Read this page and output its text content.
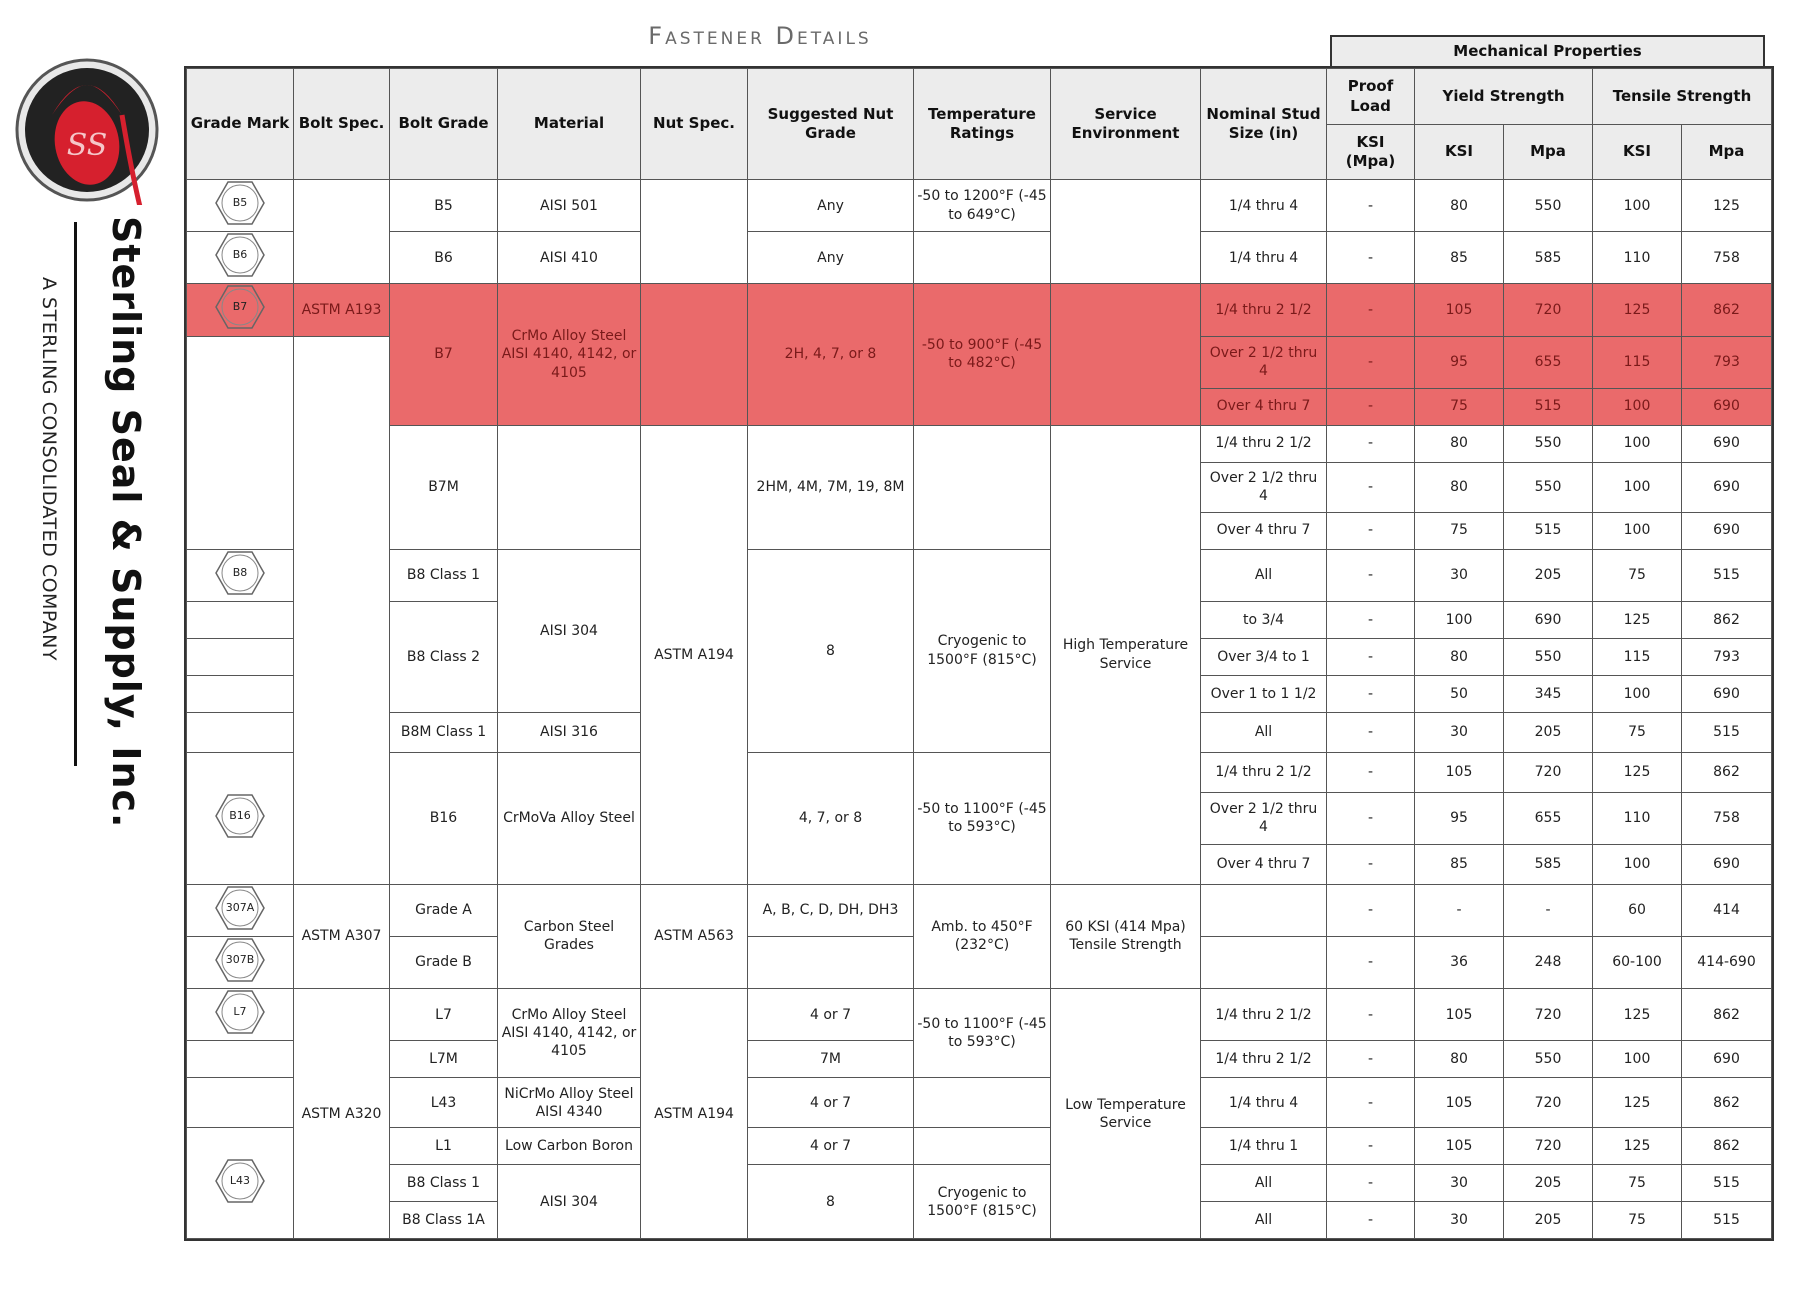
Fastener Details
SS
Sterling Seal & Supply, Inc.
A STERLING CONSOLIDATED COMPANY
Mechanical Properties
Grade Mark	Bolt Spec.	Bolt Grade	Material	Nut Spec.	Suggested Nut Grade	Temperature Ratings	Service Environment	Nominal Stud Size (in)	Proof Load	Yield Strength		Tensile Strength	
									KSI (Mpa)	KSI	Mpa	KSI	Mpa

B5		B5	AISI 501		Any	-50 to 1200°F (-45 to 649°C)		1/4 thru 4	-	80	550	100	125

B6		B6	AISI 410		Any			1/4 thru 4	-	85	585	110	758

B7	ASTM A193	B7	CrMo Alloy Steel AISI 4140, 4142, or 4105		2H, 4, 7, or 8	-50 to 900°F (-45 to 482°C)		1/4 thru 2 1/2	-	105	720	125	862
								Over 2 1/2 thru 4	-	95	655	115	793
								Over 4 thru 7	-	75	515	100	690
		B7M		ASTM A194	2HM, 4M, 7M, 19, 8M		High Temperature Service	1/4 thru 2 1/2	-	80	550	100	690
								Over 2 1/2 thru 4	-	80	550	100	690
								Over 4 thru 7	-	75	515	100	690

B8		B8 Class 1	AISI 304		8	Cryogenic to 1500°F (815°C)		All	-	30	205	75	515
		B8 Class 2						to 3/4	-	100	690	125	862
								Over 3/4 to 1	-	80	550	115	793
								Over 1 to 1 1/2	-	50	345	100	690
		B8M Class 1	AISI 316					All	-	30	205	75	515

B16		B16	CrMoVa Alloy Steel		4, 7, or 8	-50 to 1100°F (-45 to 593°C)		1/4 thru 2 1/2	-	105	720	125	862
								Over 2 1/2 thru 4	-	95	655	110	758
								Over 4 thru 7	-	85	585	100	690

307A	ASTM A307	Grade A	Carbon Steel Grades	ASTM A563	A, B, C, D, DH, DH3	Amb. to 450°F (232°C)	60 KSI (414 Mpa) Tensile Strength		-	-	-	60	414

307B		Grade B							-	36	248	60-100	414-690

L7	ASTM A320	L7	CrMo Alloy Steel AISI 4140, 4142, or 4105	ASTM A194	4 or 7	-50 to 1100°F (-45 to 593°C)	Low Temperature Service	1/4 thru 2 1/2	-	105	720	125	862
		L7M			7M			1/4 thru 2 1/2	-	80	550	100	690
		L43	NiCrMo Alloy Steel AISI 4340		4 or 7			1/4 thru 4	-	105	720	125	862

L43		L1	Low Carbon Boron		4 or 7			1/4 thru 1	-	105	720	125	862
		B8 Class 1	AISI 304		8	Cryogenic to 1500°F (815°C)		All	-	30	205	75	515
		B8 Class 1A						All	-	30	205	75	515
